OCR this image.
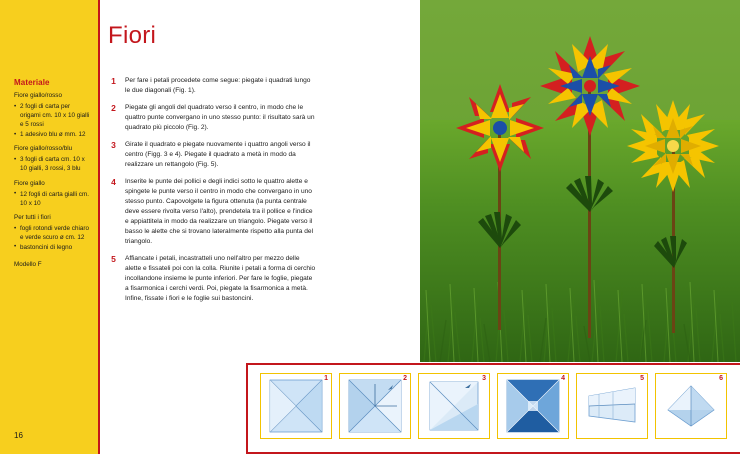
Materiale
Fiore giallo/rosso
• 2 fogli di carta per origami cm. 10 x 10 gialli e 5 rossi
• 1 adesivo blu ø mm. 12
Fiore giallo/rosso/blu
• 3 fogli di carta cm. 10 x 10 gialli, 3 rossi, 3 blu
Fiore giallo
• 12 fogli di carta gialli cm. 10 x 10
Per tutti i fiori
• fogli rotondi verde chiaro e verde scuro ø cm. 12
• bastoncini di legno
Modello F
16
Fiori
1	Per fare i petali procedete come segue: piegate i quadrati lungo le due diagonali (Fig. 1).
2	Piegate gli angoli del quadrato verso il centro, in modo che le quattro punte convergano in uno stesso punto: il risultato sarà un quadrato più piccolo (Fig. 2).
3	Girate il quadrato e piegate nuovamente i quattro angoli verso il centro (Figg. 3 e 4). Piegate il quadrato a metà in modo da realizzare un rettangolo (Fig. 5).
4	Inserite le punte dei pollici e degli indici sotto le quattro alette e spingete le punte verso il centro in modo che convergano in uno stesso punto. Capovolgete la figura ottenuta (la punta centrale deve essere rivolta verso l'alto), prendetela tra il pollice e l'indice e appiattitela in modo da realizzare un triangolo. Piegate verso il basso le alette che si trovano lateralmente rispetto alla punta del triangolo.
5	Affiancate i petali, incastratteli uno nell'altro per mezzo delle alette e fissateli poi con la colla. Riunite i petali a forma di cerchio incollandone insieme le punte inferiori. Per fare le foglie, piegate a fisarmonica i cerchi verdi. Poi, piegate la fisarmonica a metà. Infine, fissate i fiori e le foglie sui bastoncini.
1	2	3	4	5	6
